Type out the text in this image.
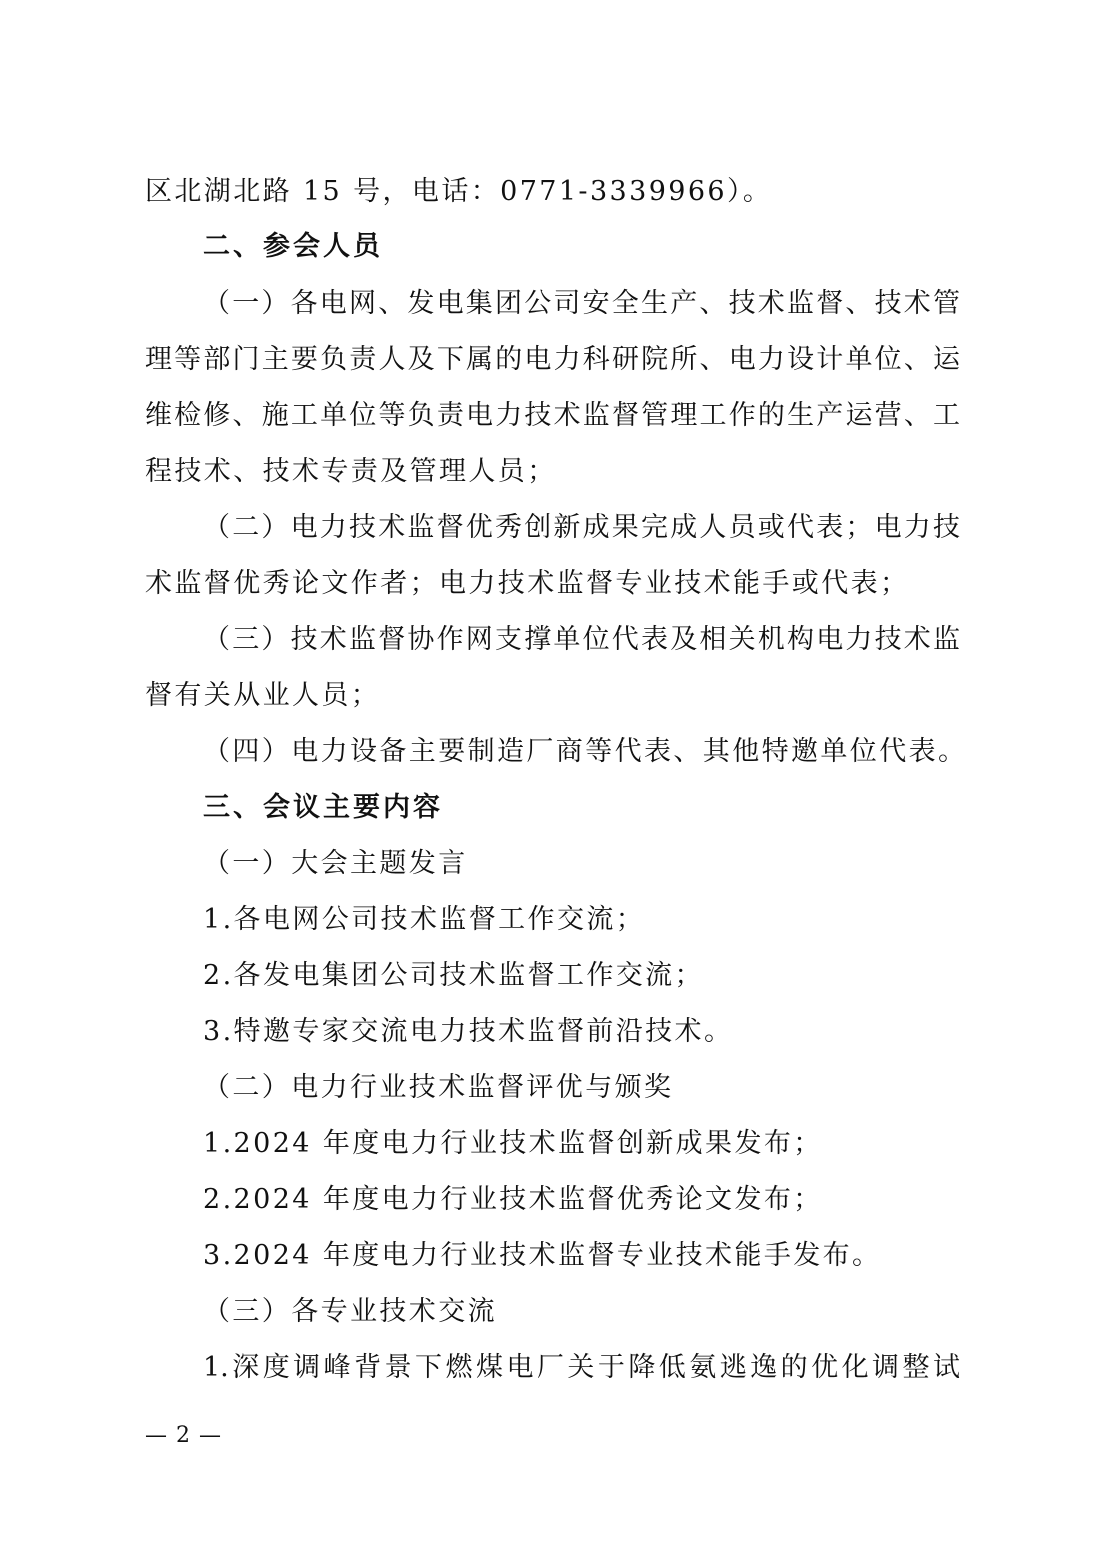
区北湖北路 15 号，电话：0771-3339966）。
二、参会人员
（一）各电网、发电集团公司安全生产、技术监督、技术管
理等部门主要负责人及下属的电力科研院所、电力设计单位、运
维检修、施工单位等负责电力技术监督管理工作的生产运营、工
程技术、技术专责及管理人员；
（二）电力技术监督优秀创新成果完成人员或代表；电力技
术监督优秀论文作者；电力技术监督专业技术能手或代表；
（三）技术监督协作网支撑单位代表及相关机构电力技术监
督有关从业人员；
（四）电力设备主要制造厂商等代表、其他特邀单位代表。
三、会议主要内容
（一）大会主题发言
1.各电网公司技术监督工作交流；
2.各发电集团公司技术监督工作交流；
3.特邀专家交流电力技术监督前沿技术。
（二）电力行业技术监督评优与颁奖
1.2024 年度电力行业技术监督创新成果发布；
2.2024 年度电力行业技术监督优秀论文发布；
3.2024 年度电力行业技术监督专业技术能手发布。
（三）各专业技术交流
1.深度调峰背景下燃煤电厂关于降低氨逃逸的优化调整试
— 2 —
